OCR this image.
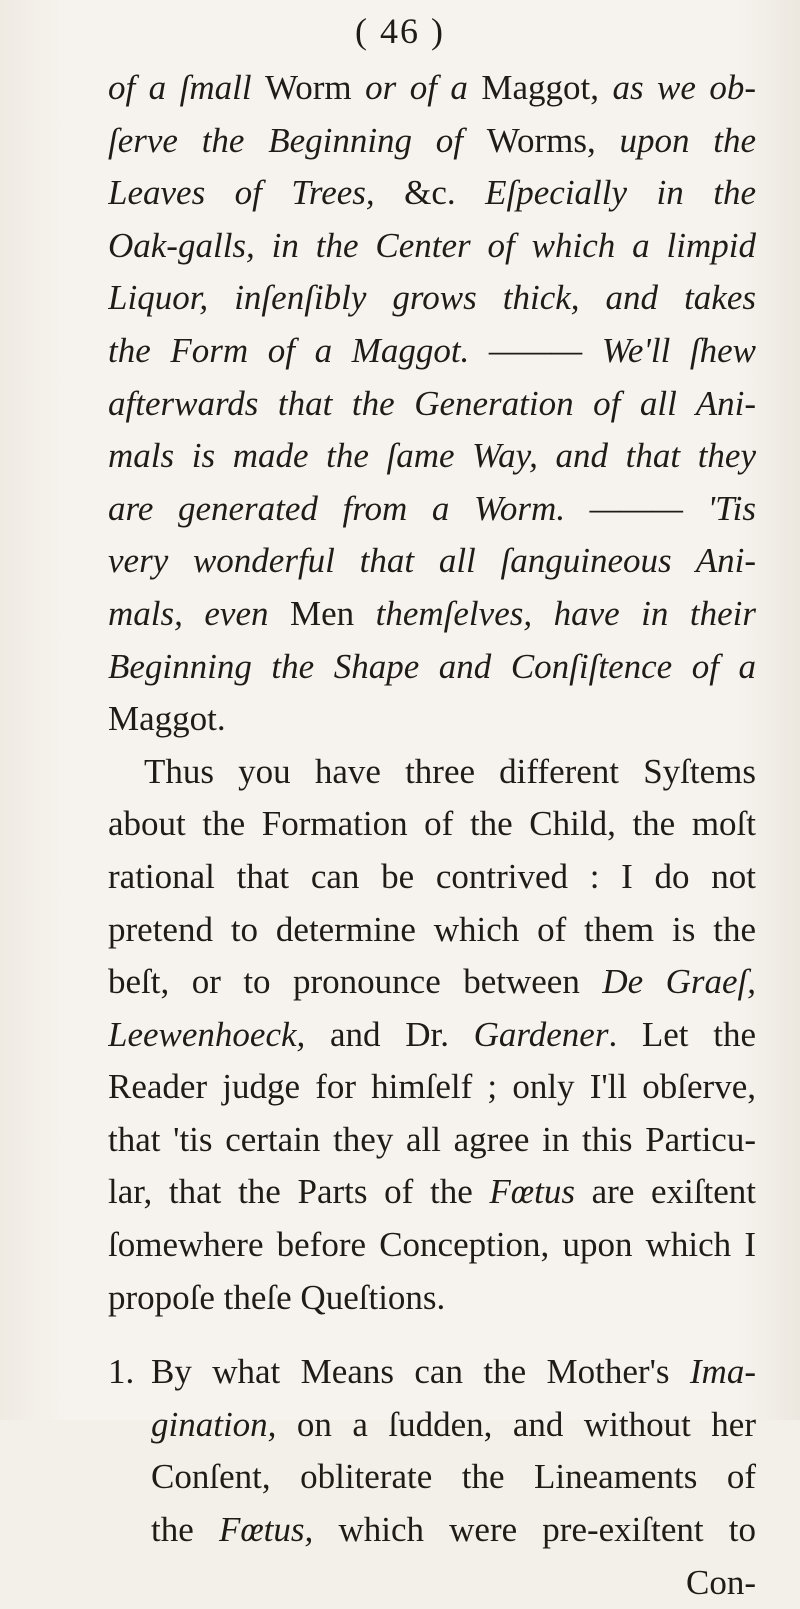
( 46 )
of a ſmall Worm or of a Maggot, as we ob-
ſerve the Beginning of Worms, upon the
Leaves of Trees, &c. Eſpecially in the
Oak-galls, in the Center of which a limpid
Liquor, inſenſibly grows thick, and takes
the Form of a Maggot. ——— We'll ſhew
afterwards that the Generation of all Ani-
mals is made the ſame Way, and that they
are generated from a Worm. ——— 'Tis
very wonderful that all ſanguineous Ani-
mals, even Men themſelves, have in their
Beginning the Shape and Conſiſtence of a
Maggot.
Thus you have three different Syſtems
about the Formation of the Child, the moſt
rational that can be contrived : I do not
pretend to determine which of them is the
beſt, or to pronounce between De Graeſ,
Leewenhoeck, and Dr. Gardener. Let the
Reader judge for himſelf ; only I'll obſerve,
that 'tis certain they all agree in this Particu-
lar, that the Parts of the Fœtus are exiſtent
ſomewhere before Conception, upon which I
propoſe theſe Queſtions.
1. By what Means can the Mother's Ima-
gination, on a ſudden, and without her
Conſent, obliterate the Lineaments of
the Fœtus, which were pre-exiſtent to
Con-
